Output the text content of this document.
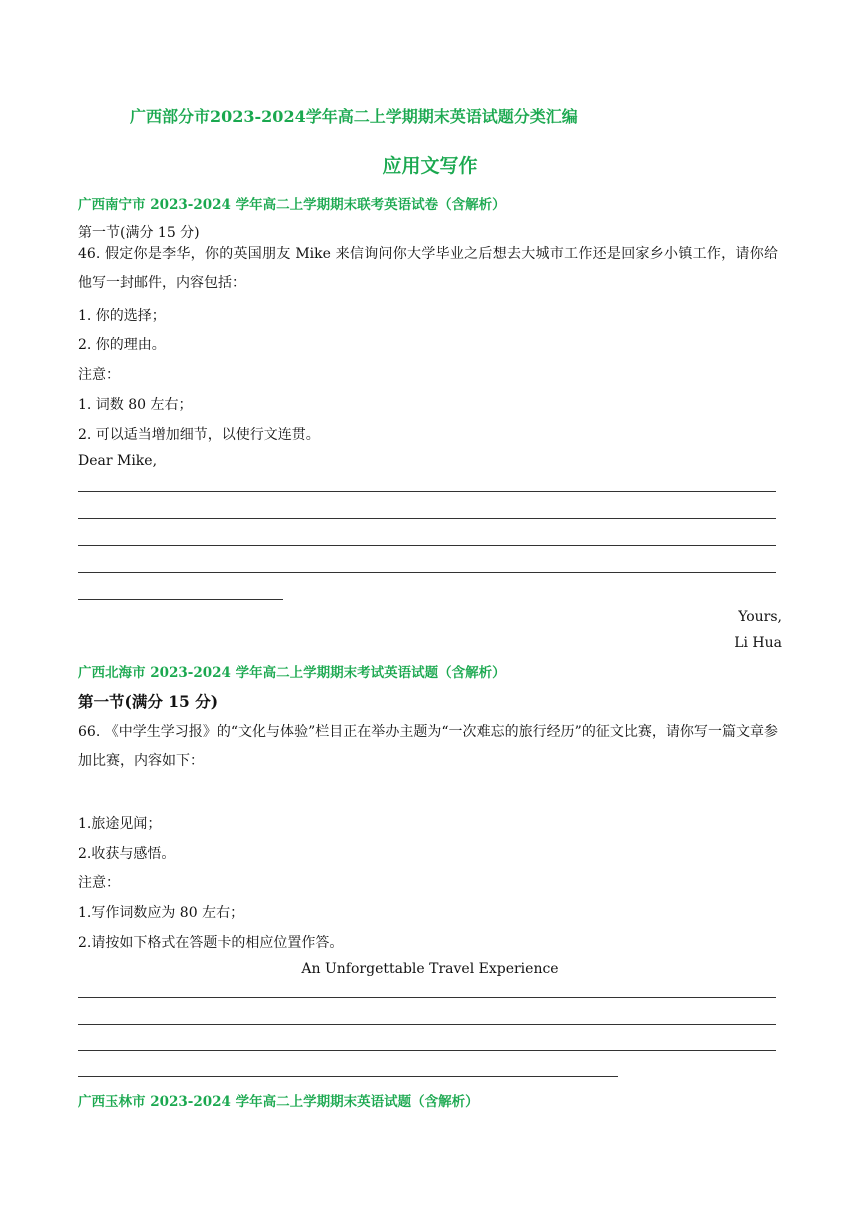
广西部分市2023-2024学年高二上学期期末英语试题分类汇编
应用文写作
广西南宁市 2023-2024 学年高二上学期期末联考英语试卷（含解析）
第一节(满分 15 分)
46. 假定你是李华，你的英国朋友 Mike 来信询问你大学毕业之后想去大城市工作还是回家乡小镇工作，请你给他写一封邮件，内容包括：
1. 你的选择；
2. 你的理由。
注意：
1. 词数 80 左右；
2. 可以适当增加细节，以使行文连贯。
Dear Mike,
Yours,
Li Hua
广西北海市 2023-2024 学年高二上学期期末考试英语试题（含解析）
第一节(满分 15 分)
66. 《中学生学习报》的“文化与体验”栏目正在举办主题为“一次难忘的旅行经历”的征文比赛，请你写一篇文章参加比赛，内容如下：
1.旅途见闻；
2.收获与感悟。
注意：
1.写作词数应为 80 左右；
2.请按如下格式在答题卡的相应位置作答。
An Unforgettable Travel Experience
广西玉林市 2023-2024 学年高二上学期期末英语试题（含解析）
